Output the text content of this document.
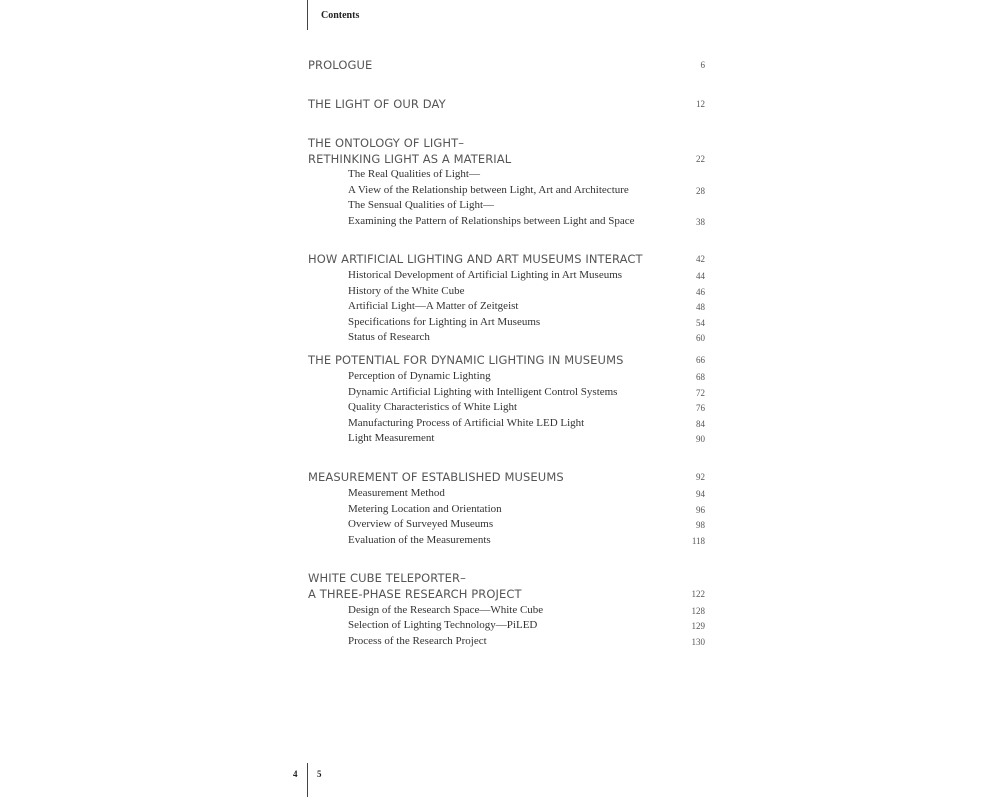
Contents
PROLOGUE	6
THE LIGHT OF OUR DAY	12
THE ONTOLOGY OF LIGHT–
RETHINKING LIGHT AS A MATERIAL	22
The Real Qualities of Light—
A View of the Relationship between Light, Art and Architecture	28
The Sensual Qualities of Light—
Examining the Pattern of Relationships between Light and Space	38
HOW ARTIFICIAL LIGHTING AND ART MUSEUMS INTERACT	42
Historical Development of Artificial Lighting in Art Museums	44
History of the White Cube	46
Artificial Light—A Matter of Zeitgeist	48
Specifications for Lighting in Art Museums	54
Status of Research	60
THE POTENTIAL FOR DYNAMIC LIGHTING IN MUSEUMS	66
Perception of Dynamic Lighting	68
Dynamic Artificial Lighting with Intelligent Control Systems	72
Quality Characteristics of White Light	76
Manufacturing Process of Artificial White LED Light	84
Light Measurement	90
MEASUREMENT OF ESTABLISHED MUSEUMS	92
Measurement Method	94
Metering Location and Orientation	96
Overview of Surveyed Museums	98
Evaluation of the Measurements	118
WHITE CUBE TELEPORTER–
A THREE-PHASE RESEARCH PROJECT	122
Design of the Research Space—White Cube	128
Selection of Lighting Technology—PiLED	129
Process of the Research Project	130
4 5
